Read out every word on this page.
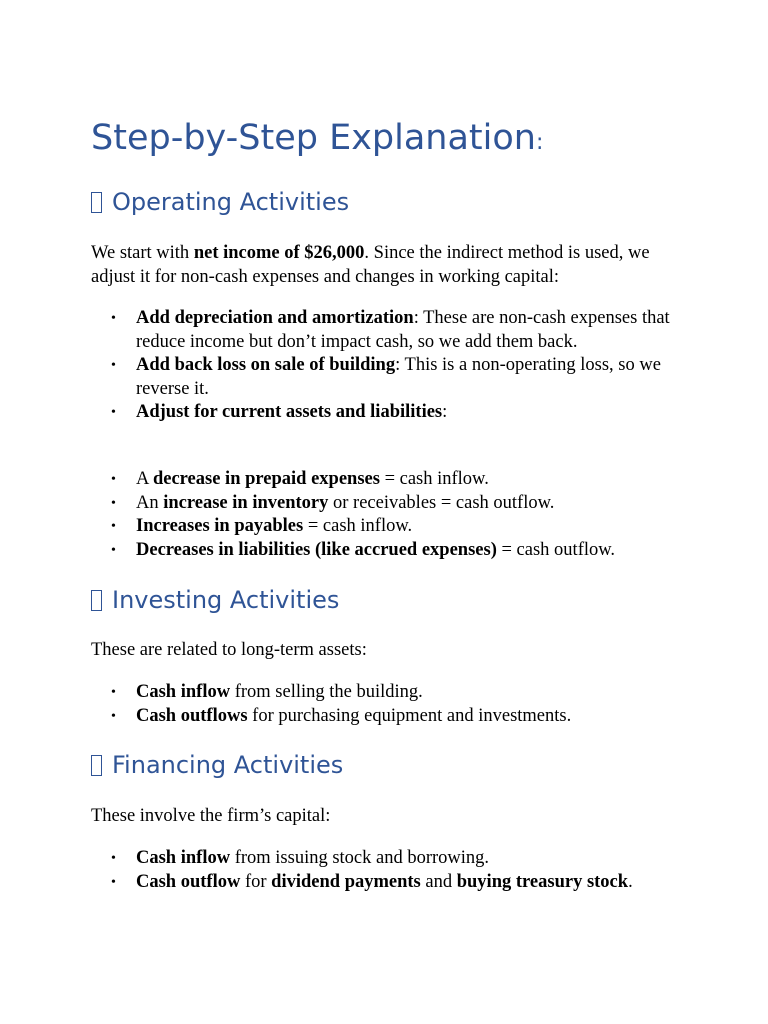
Step-by-Step Explanation:
Operating Activities

We start with net income of $26,000. Since the indirect method is used, we adjust it for non-cash expenses and changes in working capital:

• Add depreciation and amortization: These are non-cash expenses that reduce income but don’t impact cash, so we add them back.
• Add back loss on sale of building: This is a non-operating loss, so we reverse it.
• Adjust for current assets and liabilities:
• A decrease in prepaid expenses = cash inflow.
• An increase in inventory or receivables = cash outflow.
• Increases in payables = cash inflow.
• Decreases in liabilities (like accrued expenses) = cash outflow.
Investing Activities

These are related to long-term assets:

• Cash inflow from selling the building.
• Cash outflows for purchasing equipment and investments.
Financing Activities

These involve the firm’s capital:

• Cash inflow from issuing stock and borrowing.
• Cash outflow for dividend payments and buying treasury stock.
